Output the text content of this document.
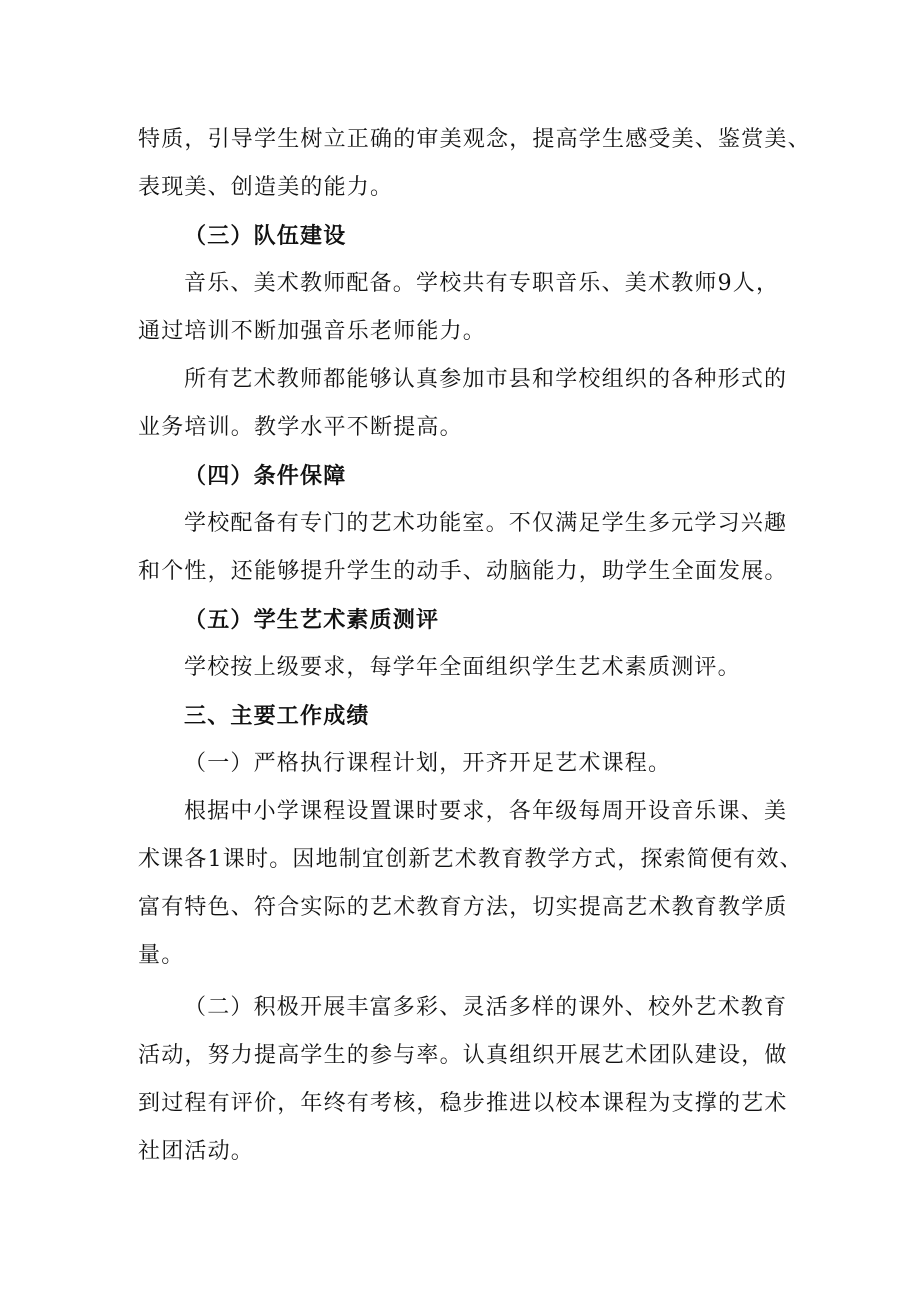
特质，引导学生树立正确的审美观念，提高学生感受美、鉴赏美、
表现美、创造美的能力。
（三）队伍建设
音乐、美术教师配备。学校共有专职音乐、美术教师9人，
通过培训不断加强音乐老师能力。
所有艺术教师都能够认真参加市县和学校组织的各种形式的
业务培训。教学水平不断提高。
（四）条件保障
学校配备有专门的艺术功能室。不仅满足学生多元学习兴趣
和个性，还能够提升学生的动手、动脑能力，助学生全面发展。
（五）学生艺术素质测评
学校按上级要求，每学年全面组织学生艺术素质测评。
三、主要工作成绩
（一）严格执行课程计划，开齐开足艺术课程。
根据中小学课程设置课时要求，各年级每周开设音乐课、美
术课各1课时。因地制宜创新艺术教育教学方式，探索简便有效、
富有特色、符合实际的艺术教育方法，切实提高艺术教育教学质
量。
（二）积极开展丰富多彩、灵活多样的课外、校外艺术教育
活动，努力提高学生的参与率。认真组织开展艺术团队建设，做
到过程有评价，年终有考核，稳步推进以校本课程为支撑的艺术
社团活动。
